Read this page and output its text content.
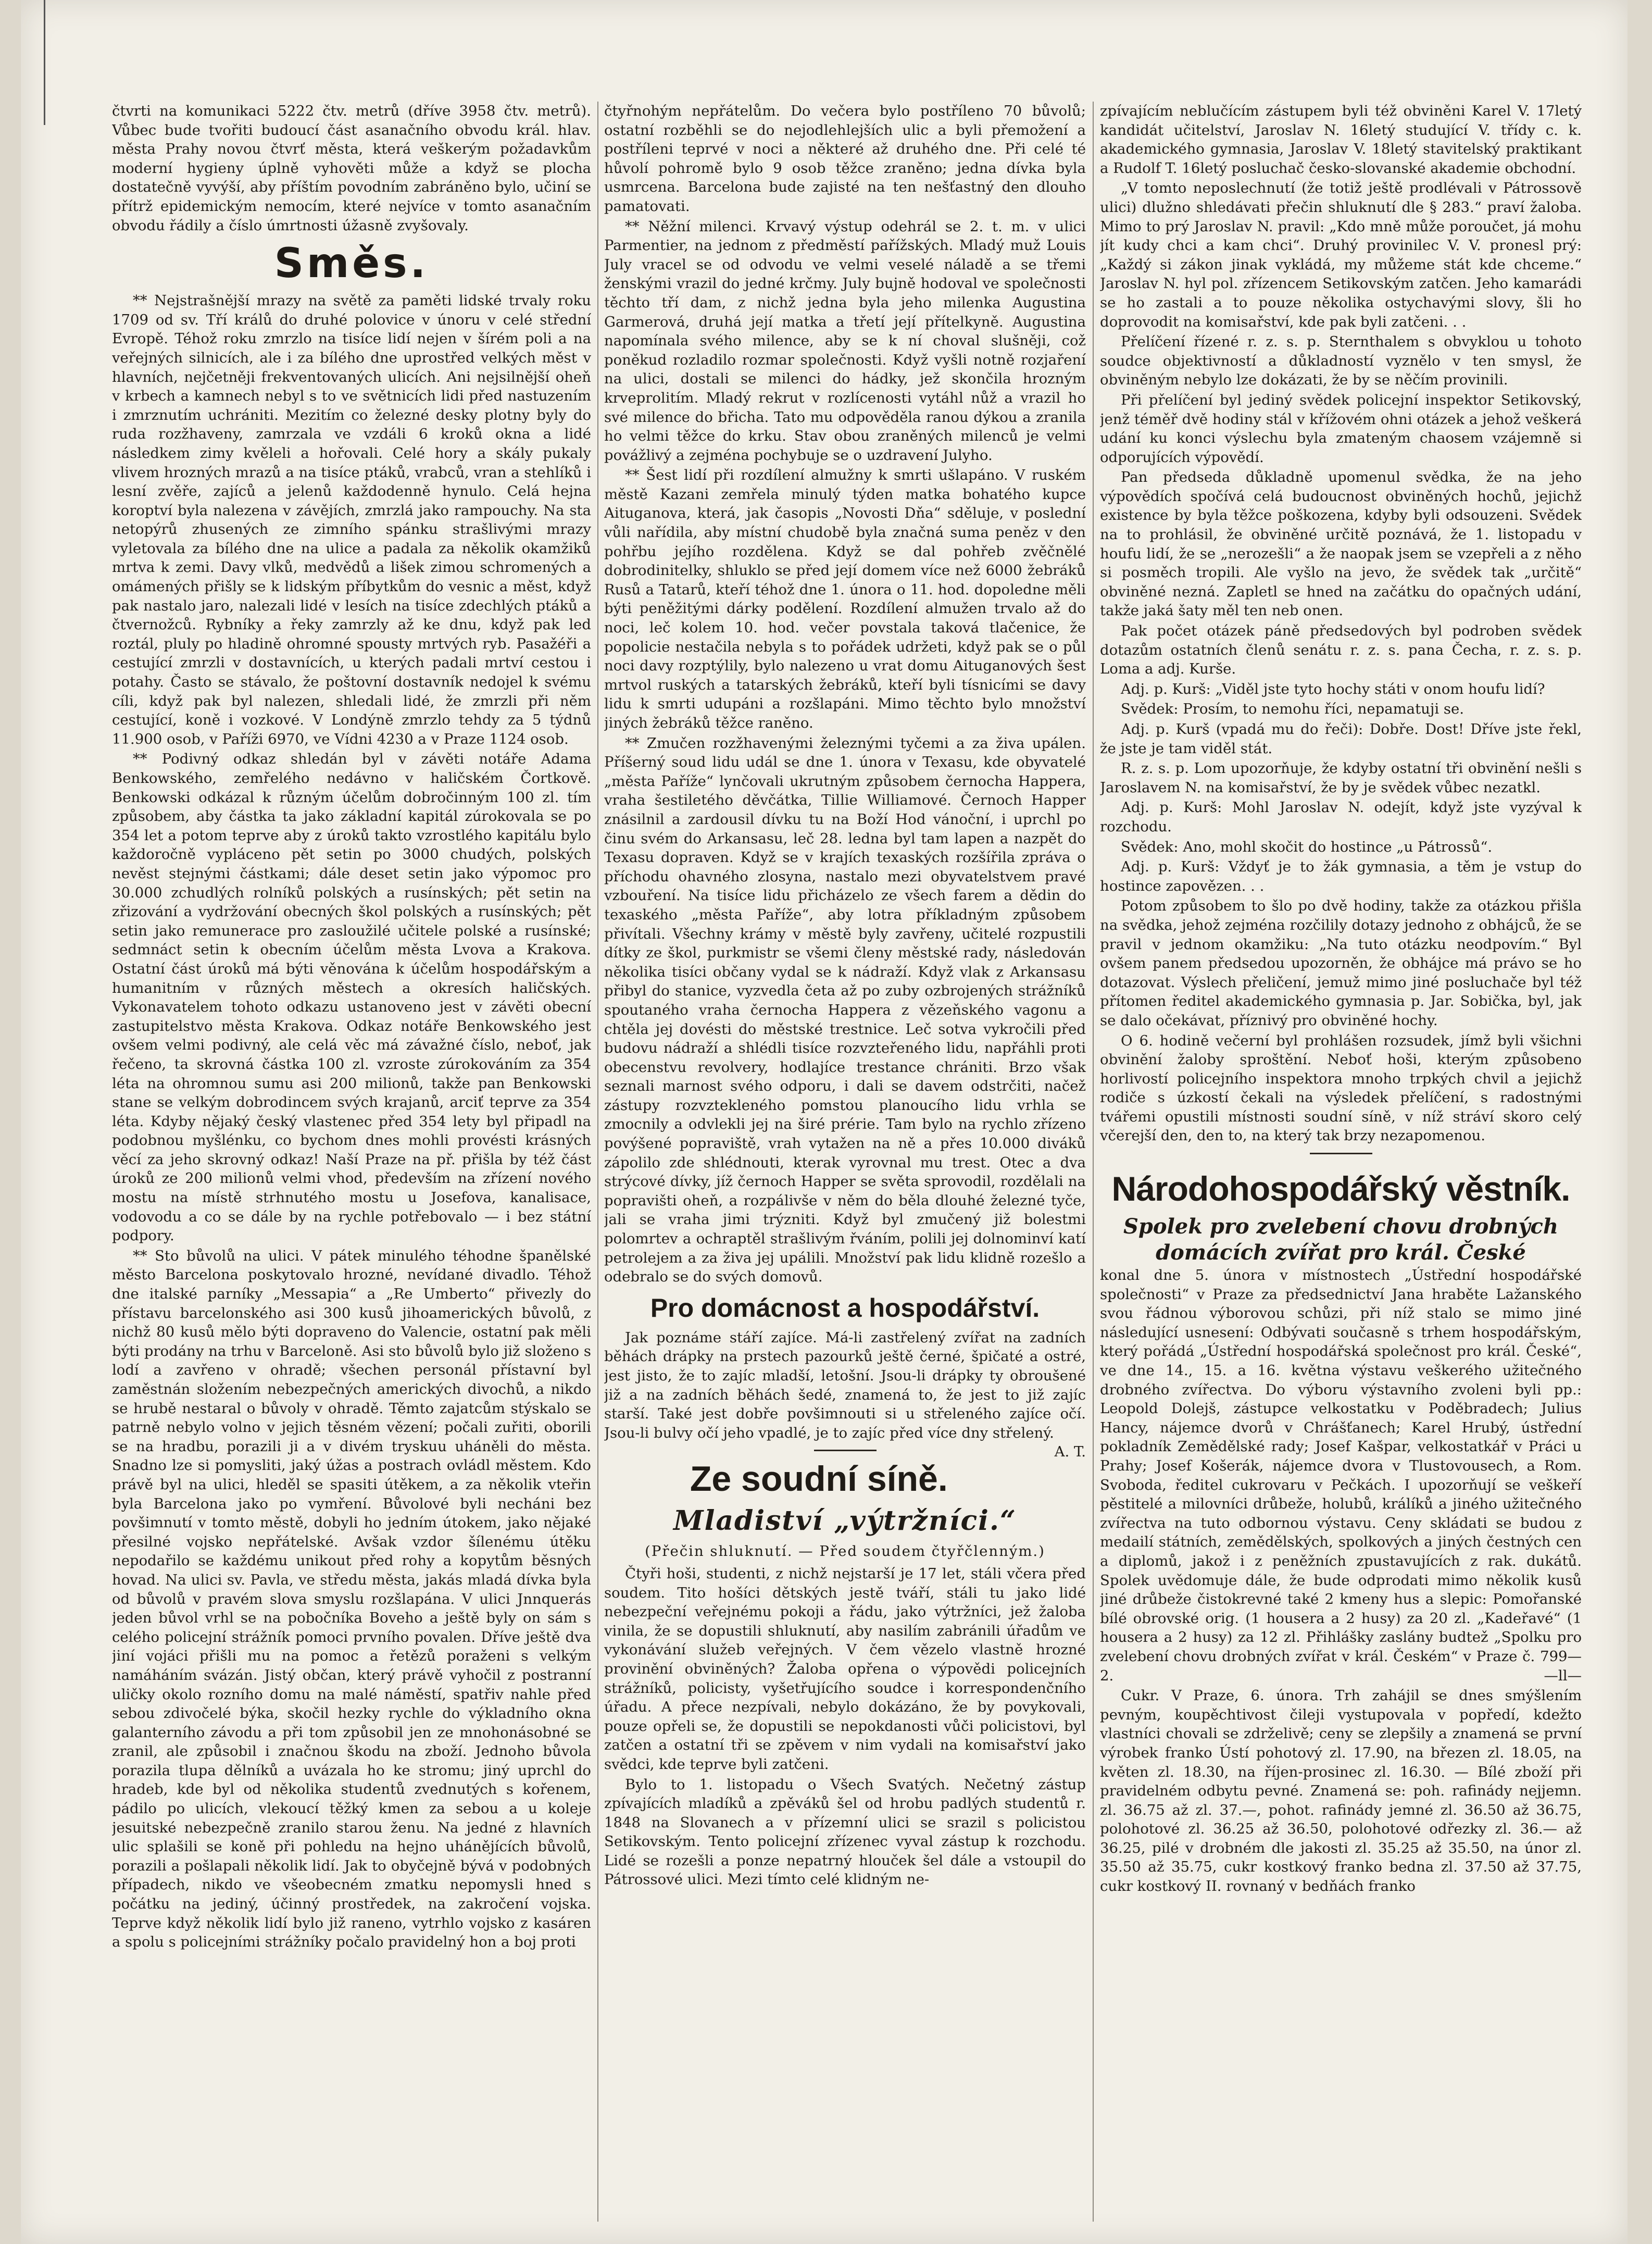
čtvrti na komunikaci 5222 čtv. metrů (dříve 3958 čtv. metrů). Vůbec bude tvořiti budoucí část asanačního obvodu král. hlav. města Prahy novou čtvrť města, která veškerým požadavkům moderní hygieny úplně vyhověti může a když se plocha dostatečně vyvýší, aby příštím povodním zabráněno bylo, učiní se přítrž epidemickým nemocím, které nejvíce v tomto asanačním obvodu řádily a číslo úmrtnosti úžasně zvyšovaly.

Směs.

** Nejstrašnější mrazy na světě za paměti lidské trvaly roku 1709 od sv. Tří králů do druhé polovice v únoru v celé střední Evropě. Téhož roku zmrzlo na tisíce lidí nejen v šírém poli a na veřejných silnicích, ale i za bílého dne uprostřed velkých měst v hlavních, nejčetněji frekventovaných ulicích. Ani nejsilnější oheň v krbech a kamnech nebyl s to ve světnicích lidi před nastuzením i zmrznutím uchrániti. Mezitím co železné desky plotny byly do ruda rozžhaveny, zamrzala ve vzdáli 6 kroků okna a lidé následkem zimy kvěleli a hořovali. Celé hory a skály pukaly vlivem hrozných mrazů a na tisíce ptáků, vrabců, vran a stehlíků i lesní zvěře, zajíců a jelenů každodenně hynulo. Celá hejna koroptví byla nalezena v závějích, zmrzlá jako rampouchy. Na sta netopýrů zhusených ze zimního spánku strašlivými mrazy vyletovala za bílého dne na ulice a padala za několik okamžiků mrtva k zemi. Davy vlků, medvědů a lišek zimou schromených a omámených přišly se k lidským příbytkům do vesnic a měst, když pak nastalo jaro, nalezali lidé v lesích na tisíce zdechlých ptáků a čtvernožců. Rybníky a řeky zamrzly až ke dnu, když pak led roztál, pluly po hladině ohromné spousty mrtvých ryb. Pasažéři a cestující zmrzli v dostavnících, u kterých padali mrtví cestou i potahy. Často se stávalo, že poštovní dostavník nedojel k svému cíli, když pak byl nalezen, shledali lidé, že zmrzli při něm cestující, koně i vozkové. V Londýně zmrzlo tehdy za 5 týdnů 11.900 osob, v Paříži 6970, ve Vídni 4230 a v Praze 1124 osob.

** Podivný odkaz shledán byl v závěti notáře Adama Benkowského, zemřelého nedávno v haličském Čortkově. Benkowski odkázal k různým účelům dobročinným 100 zl. tím způsobem, aby částka ta jako základní kapitál zúrokovala se po 354 let a potom teprve aby z úroků takto vzrostlého kapitálu bylo každoročně vypláceno pět setin po 3000 chudých, polských nevěst stejnými částkami; dále deset setin jako výpomoc pro 30.000 zchudlých rolníků polských a rusínských; pět setin na zřizování a vydržování obecných škol polských a rusínských; pět setin jako remunerace pro zasloužilé učitele polské a rusínské; sedmnáct setin k obecním účelům města Lvova a Krakova. Ostatní část úroků má býti věnována k účelům hospodářským a humanitním v různých městech a okresích haličských. Vykonavatelem tohoto odkazu ustanoveno jest v závěti obecní zastupitelstvo města Krakova. Odkaz notáře Benkowského jest ovšem velmi podivný, ale celá věc má závažné číslo, neboť, jak řečeno, ta skrovná částka 100 zl. vzroste zúrokováním za 354 léta na ohromnou sumu asi 200 milionů, takže pan Benkowski stane se velkým dobrodincem svých krajanů, arciť teprve za 354 léta. Kdyby nějaký český vlastenec před 354 lety byl připadl na podobnou myšlénku, co bychom dnes mohli provésti krásných věcí za jeho skrovný odkaz! Naší Praze na př. přišla by též část úroků ze 200 milionů velmi vhod, především na zřízení nového mostu na místě strhnutého mostu u Josefova, kanalisace, vodovodu a co se dále by na rychle potřebovalo — i bez státní podpory.

** Sto bůvolů na ulici. V pátek minulého téhodne španělské město Barcelona poskytovalo hrozné, nevídané divadlo. Téhož dne italské parníky „Messapia“ a „Re Umberto“ přivezly do přístavu barcelonského asi 300 kusů jihoamerických bůvolů, z nichž 80 kusů mělo býti dopraveno do Valencie, ostatní pak měli býti prodány na trhu v Barceloně. Asi sto bůvolů bylo již složeno s lodí a zavřeno v ohradě; všechen personál přístavní byl zaměstnán složením nebezpečných amerických divochů, a nikdo se hrubě nestaral o bůvoly v ohradě. Těmto zajatcům stýskalo se patrně nebylo volno v jejich těsném vězení; počali zuřiti, oborili se na hradbu, porazili ji a v divém tryskuu uháněli do města. Snadno lze si pomysliti, jaký úžas a postrach ovládl městem. Kdo právě byl na ulici, hleděl se spasiti útěkem, a za několik vteřin byla Barcelona jako po vymření. Bůvolové byli necháni bez povšimnutí v tomto městě, dobyli ho jedním útokem, jako nějaké přesilné vojsko nepřátelské. Avšak vzdor šílenému útěku nepodařilo se každému unikout před rohy a kopytům běsných hovad. Na ulici sv. Pavla, ve středu města, jakás mladá dívka byla od bůvolů v pravém slova smyslu rozšlapána. V ulici Jnnquerás jeden bůvol vrhl se na pobočníka Boveho a ještě byly on sám s celého policejní strážník pomoci prvního povalen. Dříve ještě dva jiní vojáci přišli mu na pomoc a řetězů poraženi s velkým namáháním svázán. Jistý občan, který právě vyhočil z postranní uličky okolo rozního domu na malé náměstí, spatřiv nahle před sebou zdivočelé býka, skočil hezky rychle do výkladního okna galanterního závodu a při tom způsobil jen ze mnohonásobné se zranil, ale způsobil i značnou škodu na zboží. Jednoho bůvola porazila tlupa dělníků a uvázala ho ke stromu; jiný uprchl do hradeb, kde byl od několika studentů zvednutých s kořenem, pádilo po ulicích, vlekoucí těžký kmen za sebou a u koleje jesuitské nebezpečně zranilo starou ženu. Na jedné z hlavních ulic splašili se koně při pohledu na hejno uhánějících bůvolů, porazili a pošlapali několik lidí. Jak to obyčejně bývá v podobných případech, nikdo ve všeobecném zmatku nepomysli hned s počátku na jediný, účinný prostředek, na zakročení vojska. Teprve když několik lidí bylo již raneno, vytrhlo vojsko z kasáren a spolu s policejními strážníky počalo pravidelný hon a boj proti

čtyřnohým nepřátelům. Do večera bylo postříleno 70 bůvolů; ostatní rozběhli se do nejodlehlejších ulic a byli přemožení a postříleni teprvé v noci a některé až druhého dne. Při celé té hůvolí pohromě bylo 9 osob těžce zraněno; jedna dívka byla usmrcena. Barcelona bude zajisté na ten nešťastný den dlouho pamatovati.

** Něžní milenci. Krvavý výstup odehrál se 2. t. m. v ulici Parmentier, na jednom z předměstí pařížských. Mladý muž Louis July vracel se od odvodu ve velmi veselé náladě a se třemi ženskými vrazil do jedné krčmy. July bujně hodoval ve společnosti těchto tří dam, z nichž jedna byla jeho milenka Augustina Garmerová, druhá její matka a třetí její přítelkyně. Augustina napomínala svého milence, aby se k ní choval slušněji, což poněkud rozladilo rozmar společnosti. Když vyšli notně rozjaření na ulici, dostali se milenci do hádky, jež skončila hrozným krveprolitím. Mladý rekrut v rozlícenosti vytáhl nůž a vrazil ho své milence do břicha. Tato mu odpověděla ranou dýkou a zranila ho velmi těžce do krku. Stav obou zraněných milenců je velmi povážlivý a zejména pochybuje se o uzdravení Julyho.

** Šest lidí při rozdílení almužny k smrti ušlapáno. V ruském městě Kazani zemřela minulý týden matka bohatého kupce Aituganova, která, jak časopis „Novosti Dňa“ sděluje, v poslední vůli nařídila, aby místní chudobě byla značná suma peněz v den pohřbu jejího rozdělena. Když se dal pohřeb zvěčnělé dobrodinitelky, shluklo se před její domem více než 6000 žebráků Rusů a Tatarů, kteří téhož dne 1. února o 11. hod. dopoledne měli býti peněžitými dárky podělení. Rozdílení almužen trvalo až do noci, leč kolem 10. hod. večer povstala taková tlačenice, že popolicie nestačila nebyla s to pořádek udržeti, když pak se o půl noci davy rozptýlily, bylo nalezeno u vrat domu Aituganových šest mrtvol ruských a tatarských žebráků, kteří byli tísnicími se davy lidu k smrti udupáni a rozšlapáni. Mimo těchto bylo množství jiných žebráků těžce raněno.

** Zmučen rozžhavenými železnými tyčemi a za živa upálen. Příšerný soud lidu udál se dne 1. února v Texasu, kde obyvatelé „města Paříže“ lynčovali ukrutným způsobem černocha Happera, vraha šestiletého děvčátka, Tillie Williamové. Černoch Happer znásilnil a zardousil dívku tu na Boží Hod vánoční, i uprchl po činu svém do Arkansasu, leč 28. ledna byl tam lapen a nazpět do Texasu dopraven. Když se v krajích texaských rozšířila zpráva o příchodu ohavného zlosyna, nastalo mezi obyvatelstvem pravé vzbouření. Na tisíce lidu přicházelo ze všech farem a dědin do texaského „města Paříže“, aby lotra příkladným způsobem přivítali. Všechny krámy v městě byly zavřeny, učitelé rozpustili dítky ze škol, purkmistr se všemi členy městské rady, následován několika tisíci občany vydal se k nádraží. Když vlak z Arkansasu přibyl do stanice, vyzvedla četa až po zuby ozbrojených strážníků spoutaného vraha černocha Happera z vězeňského vagonu a chtěla jej dovésti do městské trestnice. Leč sotva vykročili před budovu nádraží a shlédli tisíce rozvzteřeného lidu, napřáhli proti obecenstvu revolvery, hodlajíce trestance chrániti. Brzo však seznali marnost svého odporu, i dali se davem odstrčiti, načež zástupy rozvztekleného pomstou planoucího lidu vrhla se zmocnily a odvlekli jej na širé prérie. Tam bylo na rychlo zřízeno povýšené popraviště, vrah vytažen na ně a přes 10.000 diváků zápolilo zde shlédnouti, kterak vyrovnal mu trest. Otec a dva strýcové dívky, jíž černoch Happer se světa sprovodil, rozdělali na popravišti oheň, a rozpálivše v něm do běla dlouhé železné tyče, jali se vraha jimi trýzniti. Když byl zmučený již bolestmi polomrtev a ochraptěl strašlivým řváním, polili jej dolnominví katí petrolejem a za živa jej upálili. Množství pak lidu klidně rozešlo a odebralo se do svých domovů.

Pro domácnost a hospodářství.

Jak poznáme stáří zajíce. Má-li zastřelený zvířat na zadních běhách drápky na prstech pazourků ještě černé, špičaté a ostré, jest jisto, že to zajíc mladší, letošní. Jsou-li drápky ty obroušené již a na zadních běhách šedé, znamená to, že jest to již zajíc starší. Také jest dobře povšimnouti si u střeleného zajíce očí. Jsou-li bulvy očí jeho vpadlé, je to zajíc před více dny střelený.
A. T.

Ze soudní síně.
Mladiství „výtržníci.“
(Přečin shluknutí. — Před soudem čtyřčlenným.)

Čtyři hoši, studenti, z nichž nejstarší je 17 let, stáli včera před soudem. Tito hošíci dětských jestě tváří, stáli tu jako lidé nebezpeční veřejnému pokoji a řádu, jako výtržníci, jež žaloba vinila, že se dopustili shluknutí, aby nasilím zabránili úřadům ve vykonávání služeb veřejných. V čem vězelo vlastně hrozné provinění obviněných? Žaloba opřena o výpovědi policejních strážníků, policisty, vyšetřujícího soudce i korrespondenčního úřadu. A přece nezpívali, nebylo dokázáno, že by povykovali, pouze opřeli se, že dopustili se nepokdanosti vůči policistovi, byl zatčen a ostatní tři se zpěvem v nim vydali na komisařství jako svědci, kde teprve byli zatčeni.

Bylo to 1. listopadu o Všech Svatých. Nečetný zástup zpívajících mladíků a zpěváků šel od hrobu padlých studentů r. 1848 na Slovanech a v přízemní ulici se srazil s policistou Setikovským. Tento policejní zřízenec vyval zástup k rozchodu. Lidé se rozešli a ponze nepatrný hlouček šel dále a vstoupil do Pátrossové ulici. Mezi tímto celé klidným ne-

zpívajícím neblučícím zástupem byli též obviněni Karel V. 17letý kandidát učitelství, Jaroslav N. 16letý studující V. třídy c. k. akademického gymnasia, Jaroslav V. 18letý stavitelský praktikant a Rudolf T. 16letý posluchač česko-slovanské akademie obchodní.

„V tomto neposlechnutí (že totiž ještě prodlévali v Pátrossově ulici) dlužno shledávati přečin shluknutí dle § 283.“ praví žaloba. Mimo to prý Jaroslav N. pravil: „Kdo mně může poroučet, já mohu jít kudy chci a kam chci“. Druhý provinilec V. V. pronesl prý: „Každý si zákon jinak vykládá, my můžeme stát kde chceme.“ Jaroslav N. hyl pol. zřízencem Setikovským zatčen. Jeho kamarádi se ho zastali a to pouze několika ostychavými slovy, šli ho doprovodit na komisařství, kde pak byli zatčeni. . .

Přelíčení řízené r. z. s. p. Sternthalem s obvyklou u tohoto soudce objektivností a důkladností vyznělo v ten smysl, že obviněným nebylo lze dokázati, že by se něčím provinili.

Při přelíčení byl jediný svědek policejní inspektor Setikovský, jenž téměř dvě hodiny stál v křížovém ohni otázek a jehož veškerá udání ku konci výslechu byla zmateným chaosem vzájemně si odporujících výpovědí.

Pan předseda důkladně upomenul svědka, že na jeho výpovědích spočívá celá budoucnost obviněných hochů, jejichž existence by byla těžce poškozena, kdyby byli odsouzeni. Svědek na to prohlásil, že obviněné určitě poznává, že 1. listopadu v houfu lidí, že se „nerozešli“ a že naopak jsem se vzepřeli a z něho si posměch tropili. Ale vyšlo na jevo, že svědek tak „určitě“ obviněné nezná. Zapletl se hned na začátku do opačných udání, takže jaká šaty měl ten neb onen.

Pak počet otázek páně předsedových byl podroben svědek dotazům ostatních členů senátu r. z. s. pana Čecha, r. z. s. p. Loma a adj. Kurše.

Adj. p. Kurš: „Viděl jste tyto hochy státi v onom houfu lidí?

Svědek: Prosím, to nemohu říci, nepamatuji se.

Adj. p. Kurš (vpadá mu do řeči): Dobře. Dost! Dříve jste řekl, že jste je tam viděl stát.

R. z. s. p. Lom upozorňuje, že kdyby ostatní tři obvinění nešli s Jaroslavem N. na komisařství, že by je svědek vůbec nezatkl.

Adj. p. Kurš: Mohl Jaroslav N. odejít, když jste vyzýval k rozchodu.

Svědek: Ano, mohl skočit do hostince „u Pátrossů“.

Adj. p. Kurš: Vždyť je to žák gymnasia, a těm je vstup do hostince zapovězen. . .

Potom způsobem to šlo po dvě hodiny, takže za otázkou přišla na svědka, jehož zejména rozčilily dotazy jednoho z obhájců, že se pravil v jednom okamžiku: „Na tuto otázku neodpovím.“ Byl ovšem panem předsedou upozorněn, že obhájce má právo se ho dotazovat. Výslech přeličení, jemuž mimo jiné posluchače byl též přítomen ředitel akademického gymnasia p. Jar. Sobička, byl, jak se dalo očekávat, příznivý pro obviněné hochy.

O 6. hodině večerní byl prohlášen rozsudek, jímž byli všichni obvinění žaloby sproštění. Neboť hoši, kterým způsobeno horlivostí policejního inspektora mnoho trpkých chvil a jejichž rodiče s úzkostí čekali na výsledek přelíčení, s radostnými tvářemi opustili místnosti soudní síně, v níž stráví skoro celý včerejší den, den to, na který tak brzy nezapomenou.

Národohospodářský věstník.
Spolek pro zvelebení chovu drobných domácích zvířat pro král. České

konal dne 5. února v místnostech „Ústřední hospodářské společnosti“ v Praze za předsednictví Jana hraběte Lažanského svou řádnou výborovou schůzi, při níž stalo se mimo jiné následující usnesení: Odbývati současně s trhem hospodářským, který pořádá „Ústřední hospodářská společnost pro král. České“, ve dne 14., 15. a 16. května výstavu veškerého užitečného drobného zvířectva. Do výboru výstavního zvoleni byli pp.: Leopold Dolejš, zástupce velkostatku v Poděbradech; Julius Hancy, nájemce dvorů v Chrášťanech; Karel Hrubý, ústřední pokladník Zemědělské rady; Josef Kašpar, velkostatkář v Práci u Prahy; Josef Košerák, nájemce dvora v Tlustovousech, a Rom. Svoboda, ředitel cukrovaru v Pečkách. I upozorňují se veškeří pěstitelé a milovníci drůbeže, holubů, králíků a jiného užitečného zvířectva na tuto odbornou výstavu. Ceny skládati se budou z medailí státních, zemědělských, spolkových a jiných čestných cen a diplomů, jakož i z peněžních zpustavujících z rak. dukátů. Spolek uvědomuje dále, že bude odprodati mimo několik kusů jiné drůbeže čistokrevné také 2 kmeny hus a slepic: Pomořanské bílé obrovské orig. (1 housera a 2 husy) za 20 zl. „Kadeřavé“ (1 housera a 2 husy) za 12 zl. Přihlášky zaslány budtež „Spolku pro zvelebení chovu drobných zvířat v král. Českém“ v Praze č. 799—2.	—ll—

Cukr. V Praze, 6. února. Trh zahájil se dnes smýšlením pevným, koupěchtivost čileji vystupovala v popředí, kdežto vlastníci chovali se zdrželivě; ceny se zlepšily a znamená se první výrobek franko Ústí pohotový zl. 17.90, na březen zl. 18.05, na květen zl. 18.30, na říjen-prosinec zl. 16.30. — Bílé zboží při pravidelném odbytu pevné. Znamená se: poh. rafinády nejjemn. zl. 36.75 až zl. 37.—, pohot. rafinády jemné zl. 36.50 až 36.75, polohotové zl. 36.25 až 36.50, polohotové odřezky zl. 36.— až 36.25, pilé v drobném dle jakosti zl. 35.25 až 35.50, na únor zl. 35.50 až 35.75, cukr kostkový franko bedna zl. 37.50 až 37.75, cukr kostkový II. rovnaný v bedňách franko
